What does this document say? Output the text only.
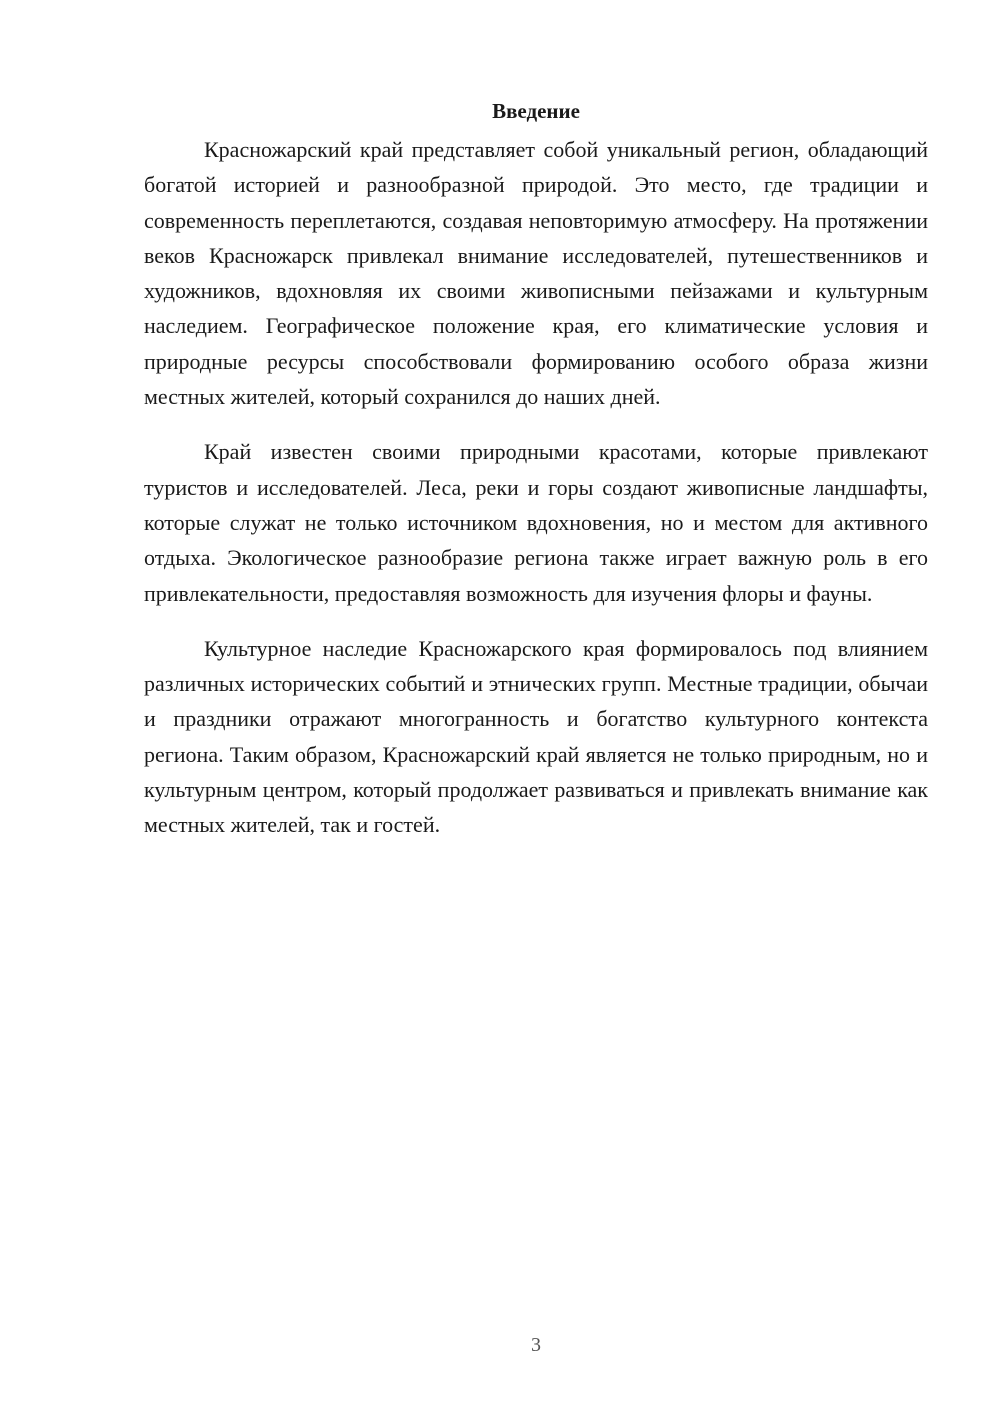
Введение

Красножарский край представляет собой уникальный регион, обладающий богатой историей и разнообразной природой. Это место, где традиции и современность переплетаются, создавая неповторимую атмосферу. На протяжении веков Красножарск привлекал внимание исследователей, путешественников и художников, вдохновляя их своими живописными пейзажами и культурным наследием. Географическое положение края, его климатические условия и природные ресурсы способствовали формированию особого образа жизни местных жителей, который сохранился до наших дней.

Край известен своими природными красотами, которые привлекают туристов и исследователей. Леса, реки и горы создают живописные ландшафты, которые служат не только источником вдохновения, но и местом для активного отдыха. Экологическое разнообразие региона также играет важную роль в его привлекательности, предоставляя возможность для изучения флоры и фауны.

Культурное наследие Красножарского края формировалось под влиянием различных исторических событий и этнических групп. Местные традиции, обычаи и праздники отражают многогранность и богатство культурного контекста региона. Таким образом, Красножарский край является не только природным, но и культурным центром, который продолжает развиваться и привлекать внимание как местных жителей, так и гостей.

3
